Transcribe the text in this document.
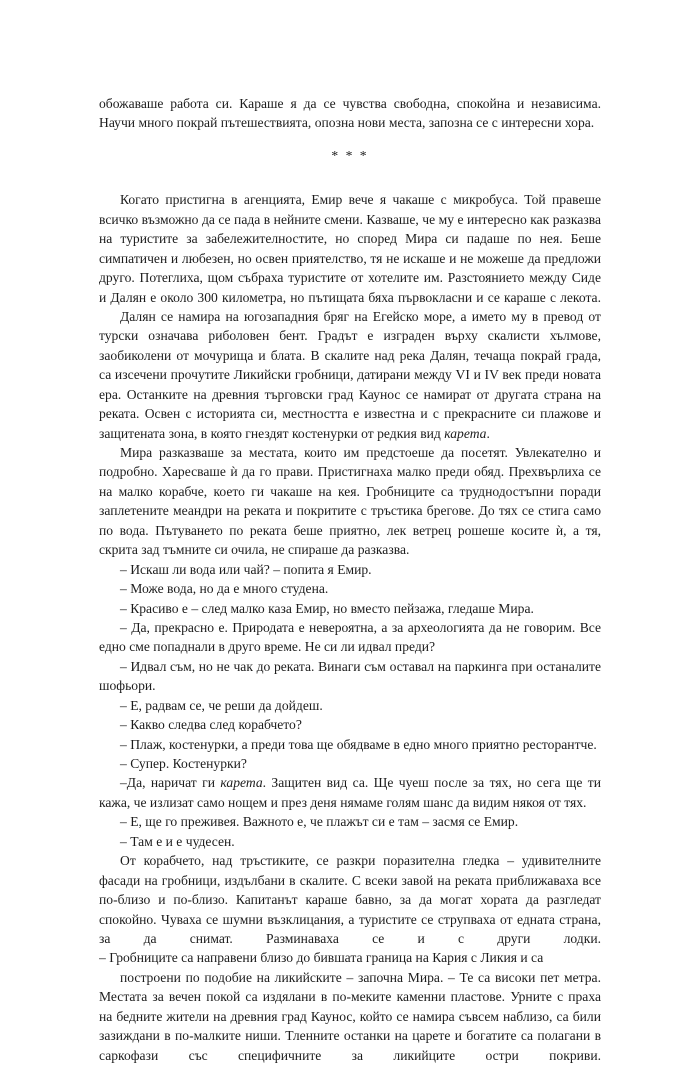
обожаваше работа си. Караше я да се чувства свободна, спокойна и независима.
Научи много покрай пътешествията, опозна нови места, запозна се с интересни хора.
* * *
Когато пристигна в агенцията, Емир вече я чакаше с микробуса. Той правеше
всичко възможно да се пада в нейните смени. Казваше, че му е интересно как разказва
на туристите за забележителностите, но според Мира си падаше по нея. Беше
симпатичен и любезен, но освен приятелство, тя не искаше и не можеше да предложи
друго. Потеглиха, щом събраха туристите от хотелите им. Разстоянието между Сиде
и Далян е около 300 километра, но пътищата бяха първокласни и се караше с лекота.
Далян се намира на югозападния бряг на Егейско море, а името му в превод от
турски означава риболовен бент. Градът е изграден върху скалисти хълмове,
заобиколени от мочурища и блата. В скалите над река Далян, течаща покрай града,
са изсечени прочутите Ликийски гробници, датирани между VI и IV век преди новата
ера. Останките на древния търговски град Каунос се намират от другата страна на
реката. Освен с историята си, местността е известна и с прекрасните си плажове и
защитената зона, в която гнездят костенурки от редкия вид карета.
Мира разказваше за местата, които им предстоеше да посетят. Увлекателно и
подробно. Харесваше ѝ да го прави. Пристигнаха малко преди обяд. Прехвърлиха се
на малко корабче, което ги чакаше на кея. Гробниците са труднодостъпни поради
заплетените меандри на реката и покритите с тръстика брегове. До тях се стига само
по вода. Пътуването по реката беше приятно, лек ветрец рошеше косите ѝ, а тя,
скрита зад тъмните си очила, не спираше да разказва.
– Искаш ли вода или чай? – попита я Емир.
– Може вода, но да е много студена.
– Красиво е – след малко каза Емир, но вместо пейзажа, гледаше Мира.
– Да, прекрасно е. Природата е невероятна, а за археологията да не говорим. Все
едно сме попаднали в друго време. Не си ли идвал преди?
– Идвал съм, но не чак до реката. Винаги съм оставал на паркинга при останалите
шофьори.
– Е, радвам се, че реши да дойдеш.
– Какво следва след корабчето?
– Плаж, костенурки, а преди това ще обядваме в едно много приятно ресторантче.
– Супер. Костенурки?
–Да, наричат ги карета. Защитен вид са. Ще чуеш после за тях, но сега ще ти
кажа, че излизат само нощем и през деня нямаме голям шанс да видим някоя от тях.
– Е, ще го преживея. Важното е, че плажът си е там – засмя се Емир.
– Там е и е чудесен.
От корабчето, над тръстиките, се разкри поразителна гледка – удивителните
фасади на гробници, издълбани в скалите. С всеки завой на реката приближаваха все
по-близо и по-близо. Капитанът караше бавно, за да могат хората да разгледат
спокойно. Чуваха се шумни възклицания, а туристите се струпваха от едната страна,
за да снимат. Разминаваха се и с други лодки.
– Гробниците са направени близо до бившата граница на Кария с Ликия и са
построени по подобие на ликийските – започна Мира. – Те са високи пет метра.
Местата за вечен покой са издялани в по-меките каменни пластове. Урните с праха
на бедните жители на древния град Каунос, който се намира съвсем наблизо, са били
зазиждани в по-малките ниши. Тленните останки на царете и богатите са полагани в
саркофази със специфичните за ликийците остри покриви.
